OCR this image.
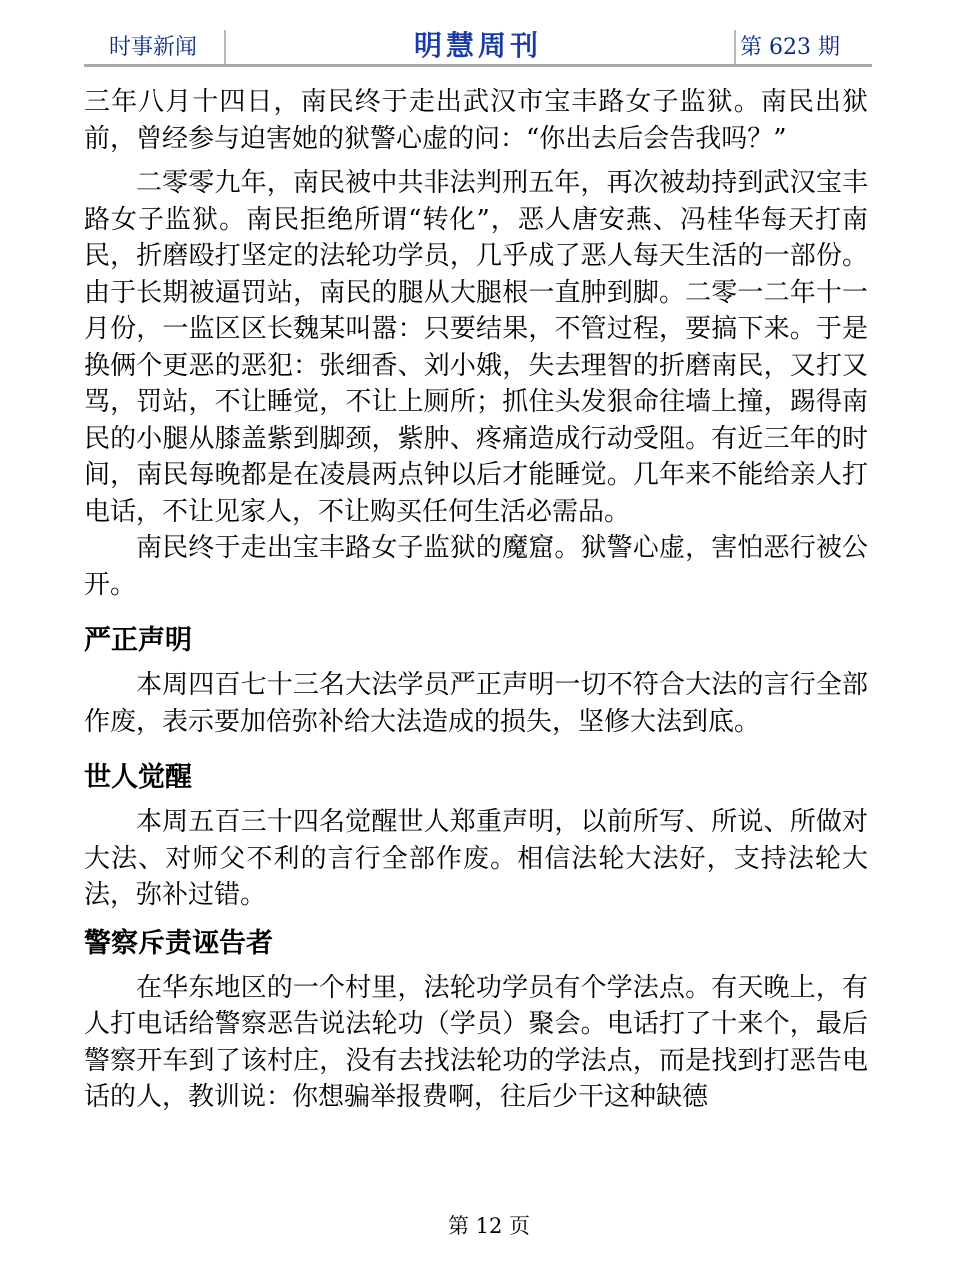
时事新闻	明慧周刊	第 623 期

三年八月十四日，南民终于走出武汉市宝丰路女子监狱。南民出狱前，曾经参与迫害她的狱警心虚的问：“你出去后会告我吗？”

二零零九年，南民被中共非法判刑五年，再次被劫持到武汉宝丰路女子监狱。南民拒绝所谓“转化”，恶人唐安燕、冯桂华每天打南民，折磨殴打坚定的法轮功学员，几乎成了恶人每天生活的一部份。由于长期被逼罚站，南民的腿从大腿根一直肿到脚。二零一二年十一月份，一监区区长魏某叫嚣：只要结果，不管过程，要搞下来。于是换俩个更恶的恶犯：张细香、刘小娥，失去理智的折磨南民，又打又骂，罚站，不让睡觉，不让上厕所；抓住头发狠命往墙上撞，踢得南民的小腿从膝盖紫到脚颈，紫肿、疼痛造成行动受阻。有近三年的时间，南民每晚都是在凌晨两点钟以后才能睡觉。几年来不能给亲人打电话，不让见家人，不让购买任何生活必需品。

南民终于走出宝丰路女子监狱的魔窟。狱警心虚，害怕恶行被公开。

严正声明

本周四百七十三名大法学员严正声明一切不符合大法的言行全部作废，表示要加倍弥补给大法造成的损失，坚修大法到底。

世人觉醒

本周五百三十四名觉醒世人郑重声明，以前所写、所说、所做对大法、对师父不利的言行全部作废。相信法轮大法好，支持法轮大法，弥补过错。

警察斥责诬告者

在华东地区的一个村里，法轮功学员有个学法点。有天晚上，有人打电话给警察恶告说法轮功（学员）聚会。电话打了十来个，最后警察开车到了该村庄，没有去找法轮功的学法点，而是找到打恶告电话的人，教训说：你想骗举报费啊，往后少干这种缺德

第 12 页
